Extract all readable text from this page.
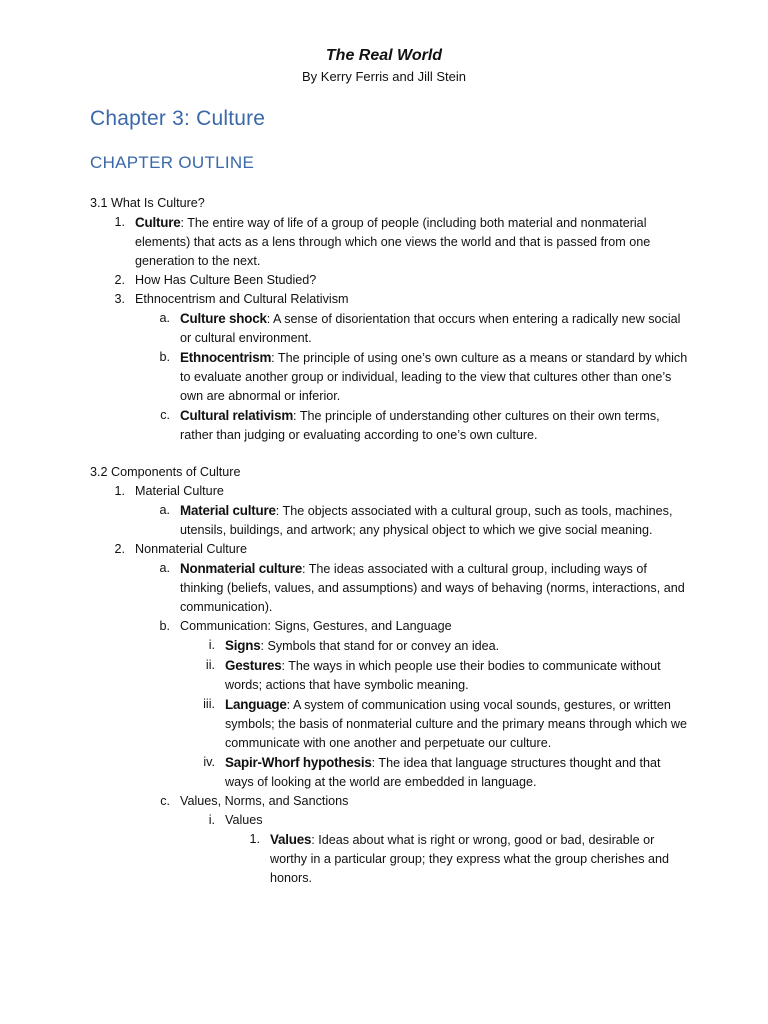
The Real World
By Kerry Ferris and Jill Stein
Chapter 3: Culture
CHAPTER OUTLINE
3.1 What Is Culture?
1. Culture: The entire way of life of a group of people (including both material and nonmaterial elements) that acts as a lens through which one views the world and that is passed from one generation to the next.
2. How Has Culture Been Studied?
3. Ethnocentrism and Cultural Relativism
a. Culture shock: A sense of disorientation that occurs when entering a radically new social or cultural environment.
b. Ethnocentrism: The principle of using one’s own culture as a means or standard by which to evaluate another group or individual, leading to the view that cultures other than one’s own are abnormal or inferior.
c. Cultural relativism: The principle of understanding other cultures on their own terms, rather than judging or evaluating according to one’s own culture.
3.2 Components of Culture
1. Material Culture
a. Material culture: The objects associated with a cultural group, such as tools, machines, utensils, buildings, and artwork; any physical object to which we give social meaning.
2. Nonmaterial Culture
a. Nonmaterial culture: The ideas associated with a cultural group, including ways of thinking (beliefs, values, and assumptions) and ways of behaving (norms, interactions, and communication).
b. Communication: Signs, Gestures, and Language
i. Signs: Symbols that stand for or convey an idea.
ii. Gestures: The ways in which people use their bodies to communicate without words; actions that have symbolic meaning.
iii. Language: A system of communication using vocal sounds, gestures, or written symbols; the basis of nonmaterial culture and the primary means through which we communicate with one another and perpetuate our culture.
iv. Sapir-Whorf hypothesis: The idea that language structures thought and that ways of looking at the world are embedded in language.
c. Values, Norms, and Sanctions
i. Values
1. Values: Ideas about what is right or wrong, good or bad, desirable or worthy in a particular group; they express what the group cherishes and honors.
